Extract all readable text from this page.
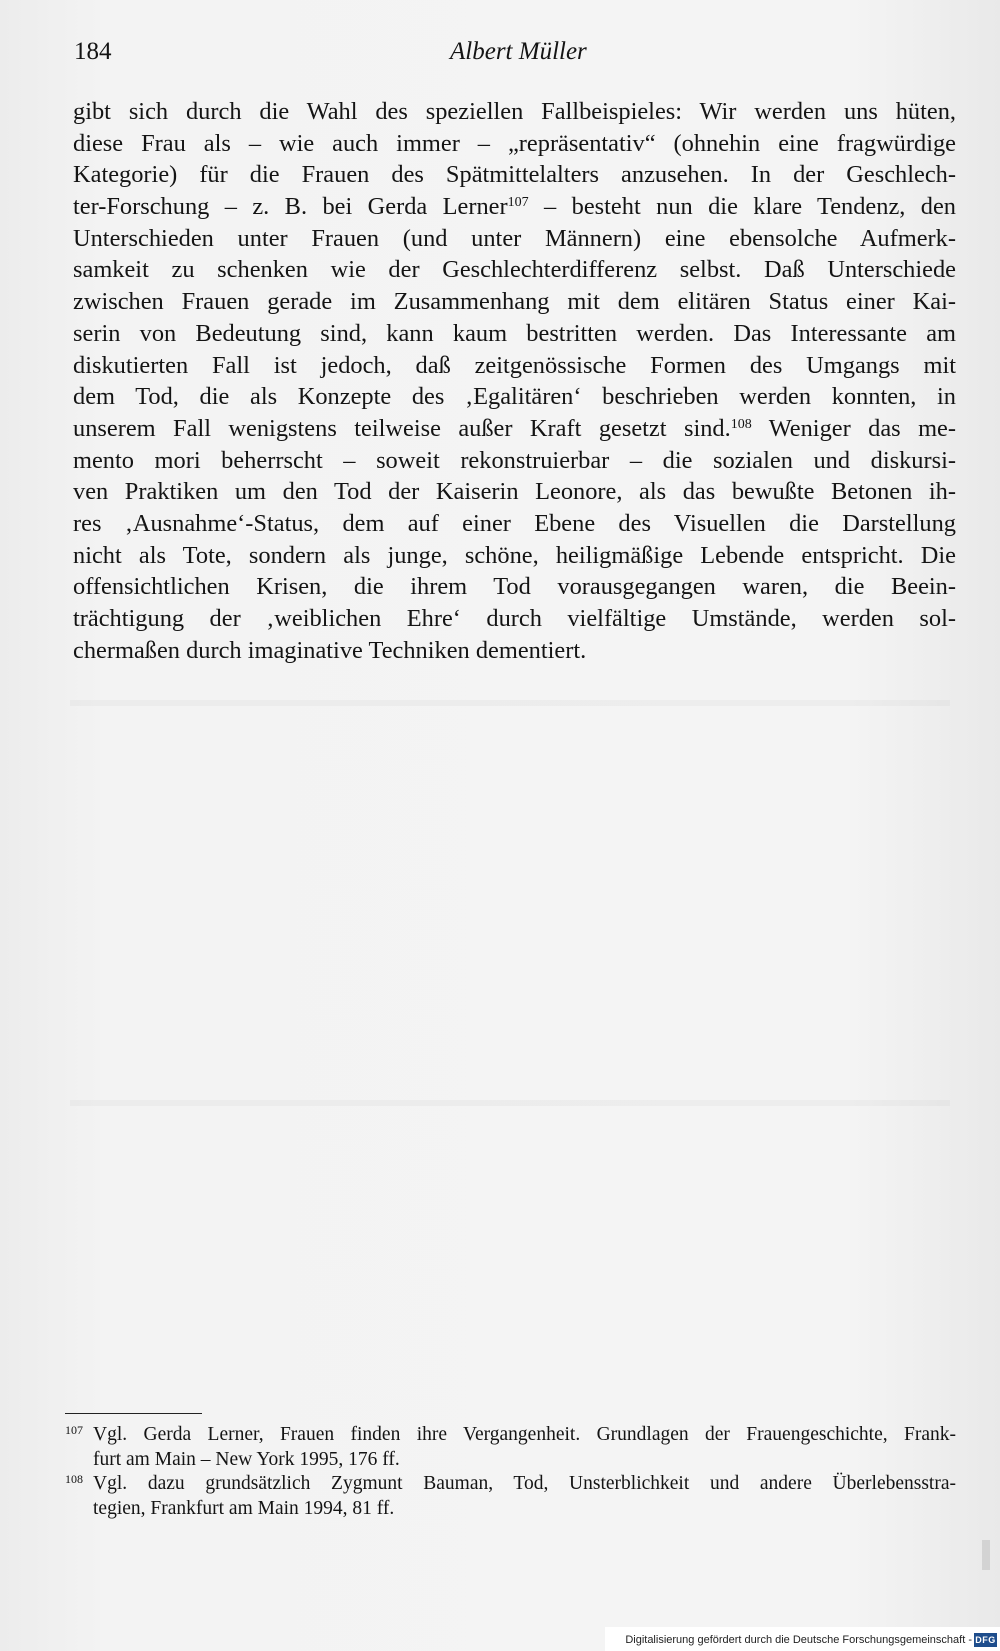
184	Albert Müller
gibt sich durch die Wahl des speziellen Fallbeispieles: Wir werden uns hüten,
diese Frau als – wie auch immer – „repräsentativ“ (ohnehin eine fragwürdige
Kategorie) für die Frauen des Spätmittelalters anzusehen. In der Geschlech-
ter-Forschung – z. B. bei Gerda Lerner$^{107}$ – besteht nun die klare Tendenz, den
Unterschieden unter Frauen (und unter Männern) eine ebensolche Aufmerk-
samkeit zu schenken wie der Geschlechterdifferenz selbst. Daß Unterschiede
zwischen Frauen gerade im Zusammenhang mit dem elitären Status einer Kai-
serin von Bedeutung sind, kann kaum bestritten werden. Das Interessante am
diskutierten Fall ist jedoch, daß zeitgenössische Formen des Umgangs mit
dem Tod, die als Konzepte des ‚Egalitären‘ beschrieben werden konnten, in
unserem Fall wenigstens teilweise außer Kraft gesetzt sind.$^{108}$ Weniger das me-
mento mori beherrscht – soweit rekonstruierbar – die sozialen und diskursi-
ven Praktiken um den Tod der Kaiserin Leonore, als das bewußte Betonen ih-
res ‚Ausnahme‘-Status, dem auf einer Ebene des Visuellen die Darstellung
nicht als Tote, sondern als junge, schöne, heiligmäßige Lebende entspricht. Die
offensichtlichen Krisen, die ihrem Tod vorausgegangen waren, die Beein-
trächtigung der ‚weiblichen Ehre‘ durch vielfältige Umstände, werden sol-
chermaßen durch imaginative Techniken dementiert.
107 Vgl. Gerda Lerner, Frauen finden ihre Vergangenheit. Grundlagen der Frauengeschichte, Frank-
furt am Main – New York 1995, 176 ff.
108 Vgl. dazu grundsätzlich Zygmunt Bauman, Tod, Unsterblichkeit und andere Überlebensstra-
tegien, Frankfurt am Main 1994, 81 ff.
Digitalisierung gefördert durch die Deutsche Forschungsgemeinschaft - DFG
